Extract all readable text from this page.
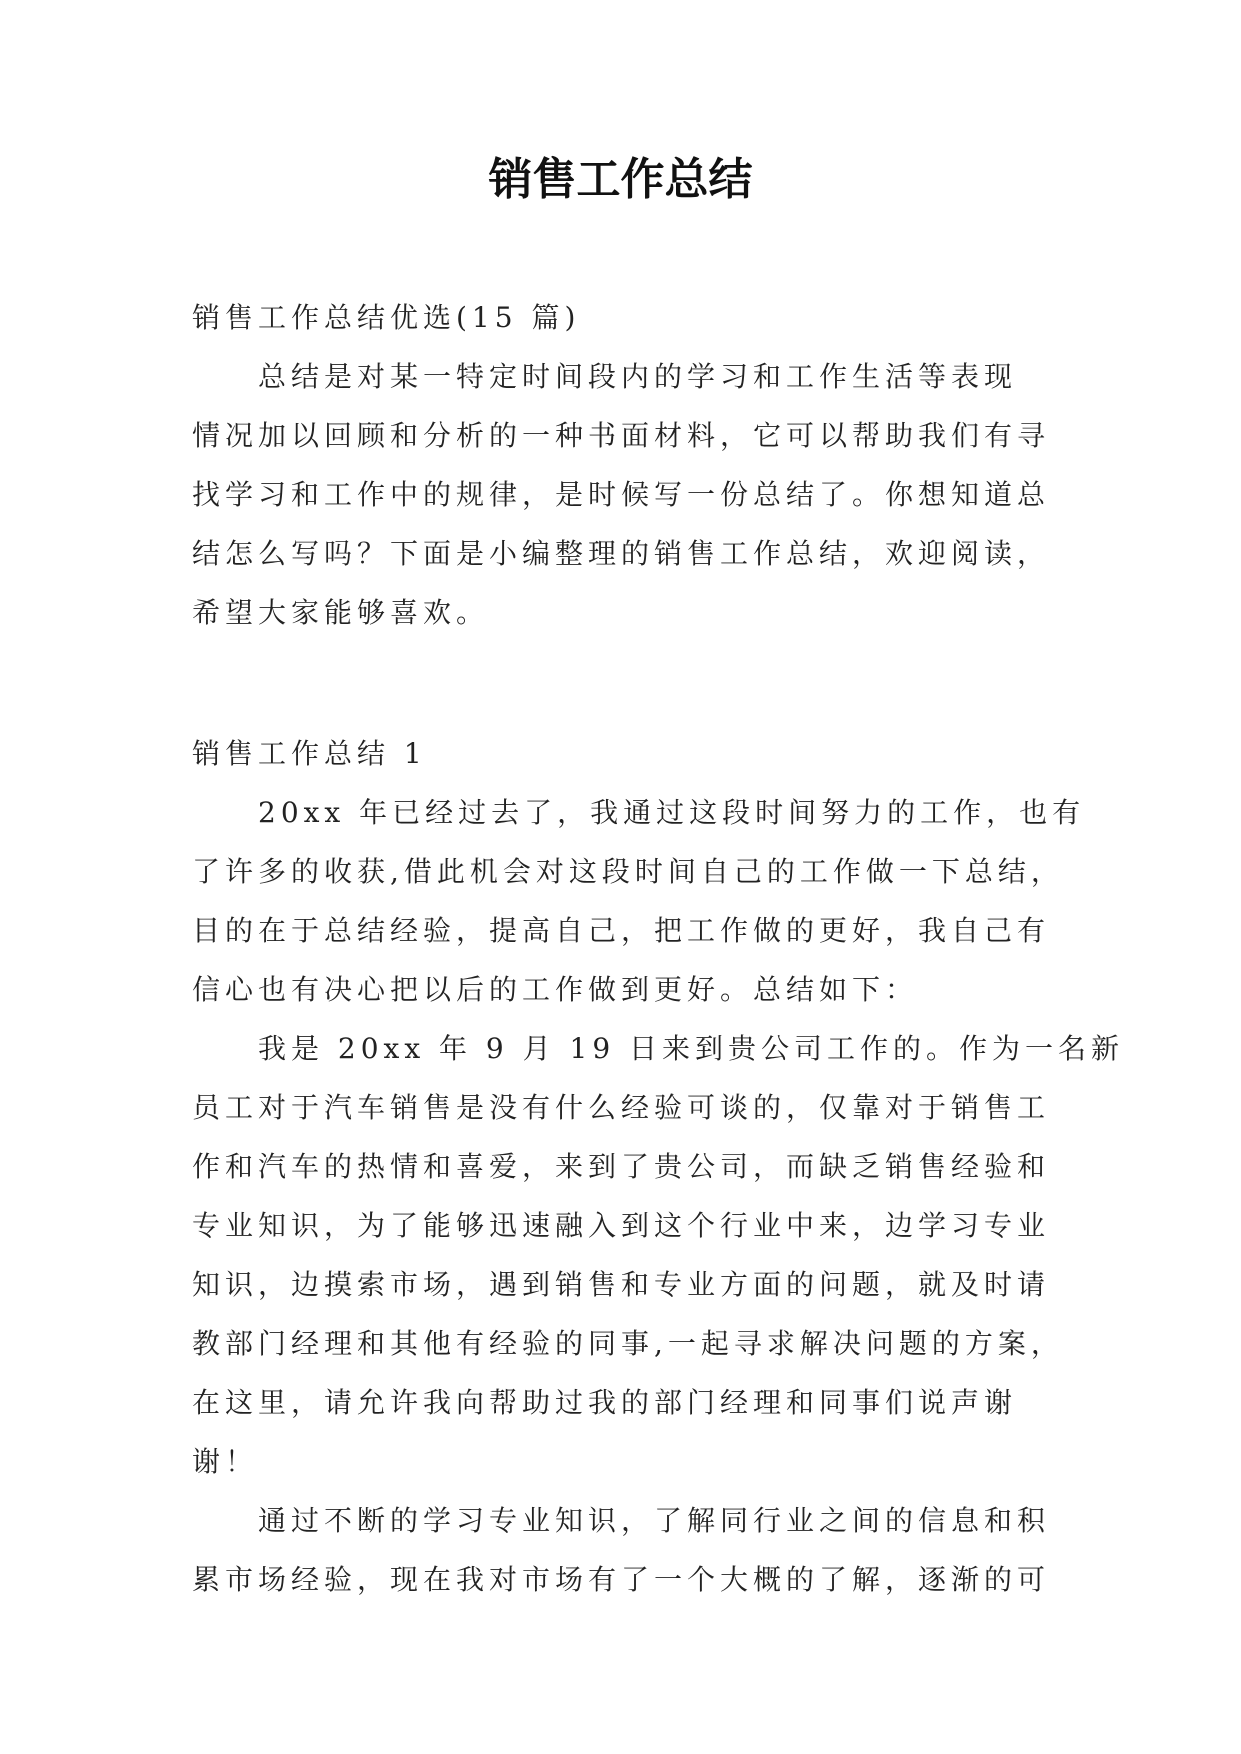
销售工作总结
销售工作总结优选(15 篇)
总结是对某一特定时间段内的学习和工作生活等表现
情况加以回顾和分析的一种书面材料，它可以帮助我们有寻
找学习和工作中的规律，是时候写一份总结了。你想知道总
结怎么写吗？下面是小编整理的销售工作总结，欢迎阅读，
希望大家能够喜欢。
销售工作总结 1
20xx 年已经过去了，我通过这段时间努力的工作，也有
了许多的收获,借此机会对这段时间自己的工作做一下总结，
目的在于总结经验，提高自己，把工作做的更好，我自己有
信心也有决心把以后的工作做到更好。总结如下：
我是 20xx 年 9 月 19 日来到贵公司工作的。作为一名新
员工对于汽车销售是没有什么经验可谈的，仅靠对于销售工
作和汽车的热情和喜爱，来到了贵公司，而缺乏销售经验和
专业知识，为了能够迅速融入到这个行业中来，边学习专业
知识，边摸索市场，遇到销售和专业方面的问题，就及时请
教部门经理和其他有经验的同事,一起寻求解决问题的方案，
在这里，请允许我向帮助过我的部门经理和同事们说声谢
谢！
通过不断的学习专业知识，了解同行业之间的信息和积
累市场经验，现在我对市场有了一个大概的了解，逐渐的可
